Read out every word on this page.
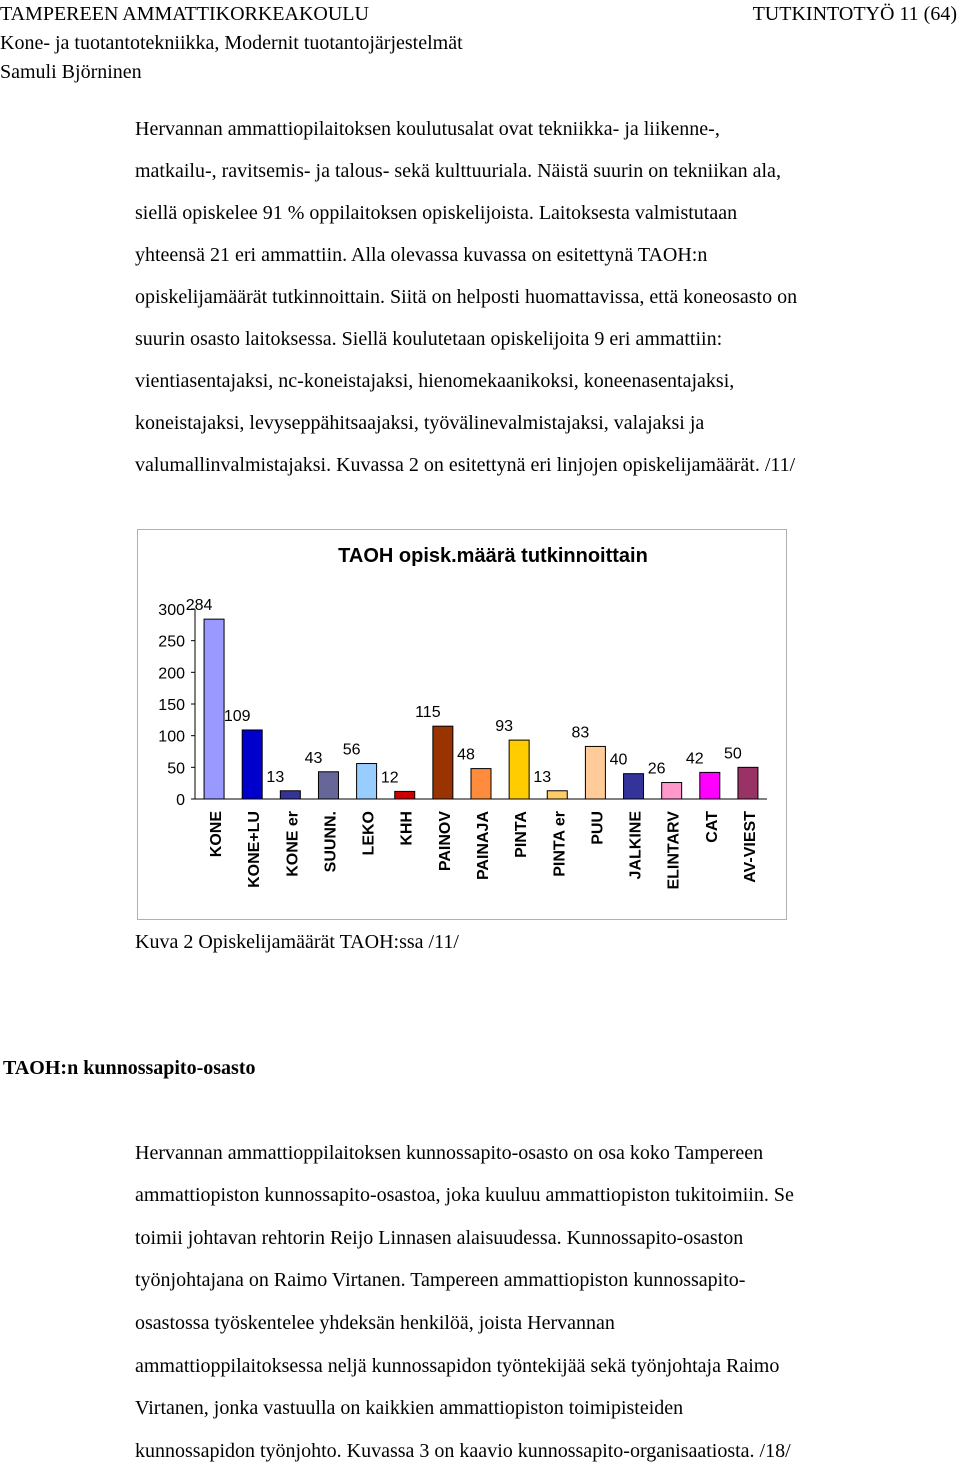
TAMPEREEN AMMATTIKORKEAKOULU	TUTKINTOTYÖ 11 (64)
Kone- ja tuotantotekniikka, Modernit tuotantojärjestelmät
Samuli Björninen
Hervannan ammattiopilaitoksen koulutusalat ovat tekniikka- ja liikenne-,
matkailu-, ravitsemis- ja talous- sekä kulttuuriala. Näistä suurin on tekniikan ala,
siellä opiskelee 91 % oppilaitoksen opiskelijoista. Laitoksesta valmistutaan
yhteensä 21 eri ammattiin. Alla olevassa kuvassa on esitettynä TAOH:n
opiskelijamäärät tutkinnoittain. Siitä on helposti huomattavissa, että koneosasto on
suurin osasto laitoksessa. Siellä koulutetaan opiskelijoita 9 eri ammattiin:
vientiasentajaksi, nc-koneistajaksi, hienomekaanikoksi, koneenasentajaksi,
koneistajaksi, levyseppähitsaajaksi, työvälinevalmistajaksi, valajaksi ja
valumallinvalmistajaksi. Kuvassa 2 on esitettynä eri linjojen opiskelijamäärät. /11/
TAOH opisk.määrä tutkinnoittain
0
50
100
150
200
250
300 284
KONE
109
KONE+LU
13
KONE er
43
SUUNN.
56
LEKO
12
KHH
115
PAINOV
48
PAINAJA
93
PINTA
13
PINTA er
83
PUU
40
JALKINE
26
ELINTARV
42
CAT
50
AV-VIEST
Kuva 2 Opiskelijamäärät TAOH:ssa /11/
TAOH:n kunnossapito-osasto
Hervannan ammattioppilaitoksen kunnossapito-osasto on osa koko Tampereen
ammattiopiston kunnossapito-osastoa, joka kuuluu ammattiopiston tukitoimiin. Se
toimii johtavan rehtorin Reijo Linnasen alaisuudessa. Kunnossapito-osaston
työnjohtajana on Raimo Virtanen. Tampereen ammattiopiston kunnossapito-
osastossa työskentelee yhdeksän henkilöä, joista Hervannan
ammattioppilaitoksessa neljä kunnossapidon työntekijää sekä työnjohtaja Raimo
Virtanen, jonka vastuulla on kaikkien ammattiopiston toimipisteiden
kunnossapidon työnjohto. Kuvassa 3 on kaavio kunnossapito-organisaatiosta. /18/
